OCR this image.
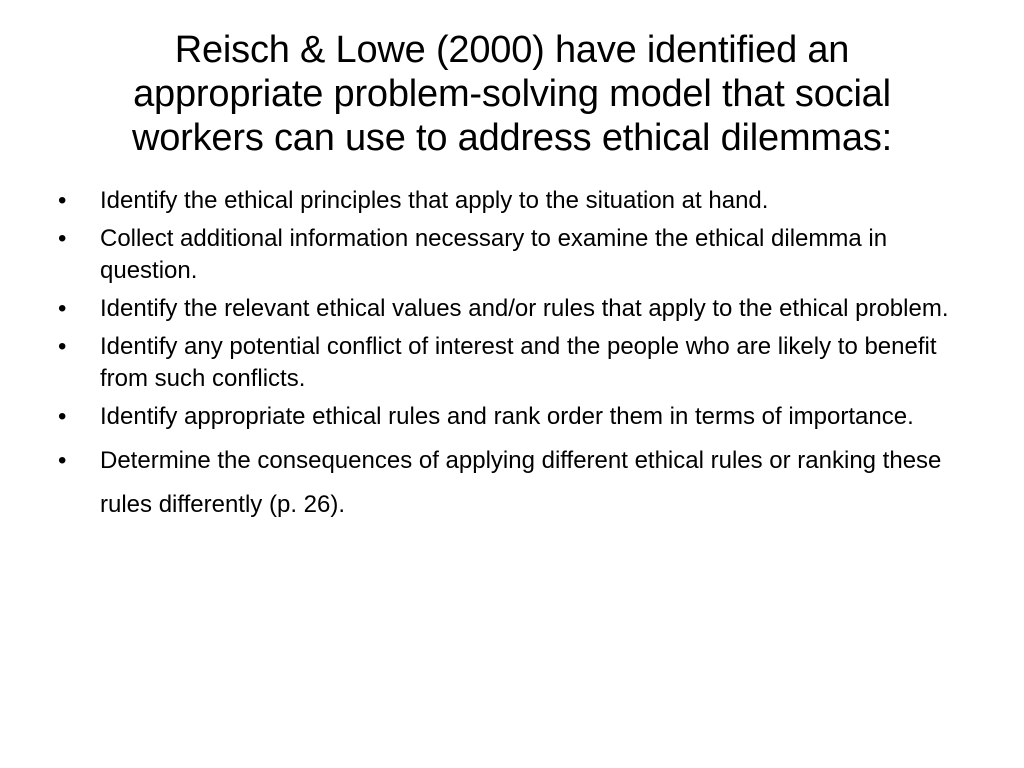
Reisch & Lowe (2000) have identified an appropriate problem-solving model that social workers can use to address ethical dilemmas:
• Identify the ethical principles that apply to the situation at hand.
• Collect additional information necessary to examine the ethical dilemma in question.
• Identify the relevant ethical values and/or rules that apply to the ethical problem.
• Identify any potential conflict of interest and the people who are likely to benefit from such conflicts.
• Identify appropriate ethical rules and rank order them in terms of importance.
• Determine the consequences of applying different ethical rules or ranking these rules differently (p. 26).
